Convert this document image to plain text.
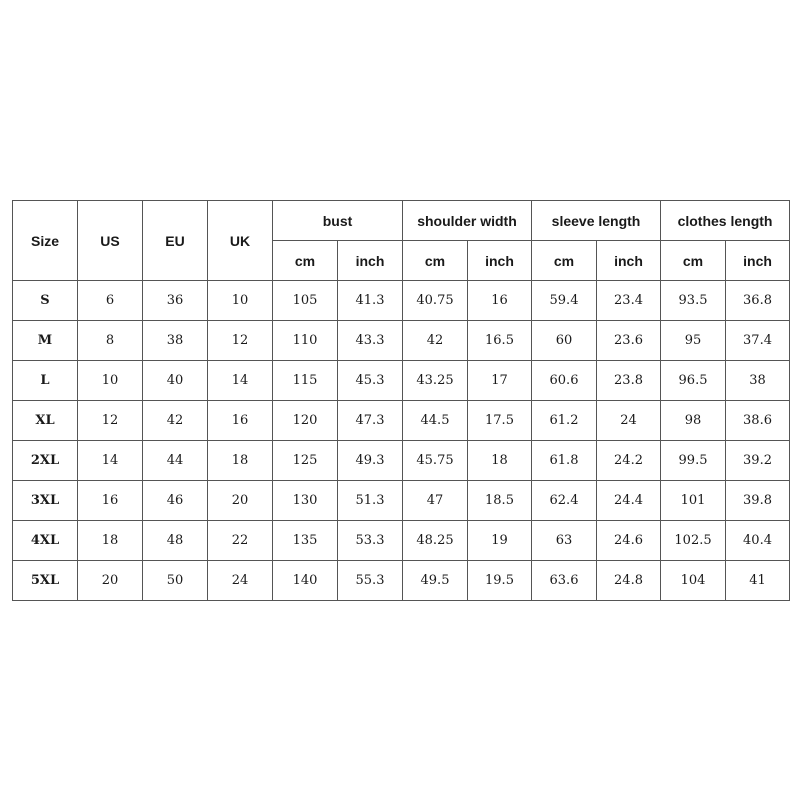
Size	US	EU	UK	bust		shoulder width		sleeve length		clothes length	
				cm	inch	cm	inch	cm	inch	cm	inch
S	6	36	10	105	41.3	40.75	16	59.4	23.4	93.5	36.8
M	8	38	12	110	43.3	42	16.5	60	23.6	95	37.4
L	10	40	14	115	45.3	43.25	17	60.6	23.8	96.5	38
XL	12	42	16	120	47.3	44.5	17.5	61.2	24	98	38.6
2XL	14	44	18	125	49.3	45.75	18	61.8	24.2	99.5	39.2
3XL	16	46	20	130	51.3	47	18.5	62.4	24.4	101	39.8
4XL	18	48	22	135	53.3	48.25	19	63	24.6	102.5	40.4
5XL	20	50	24	140	55.3	49.5	19.5	63.6	24.8	104	41
